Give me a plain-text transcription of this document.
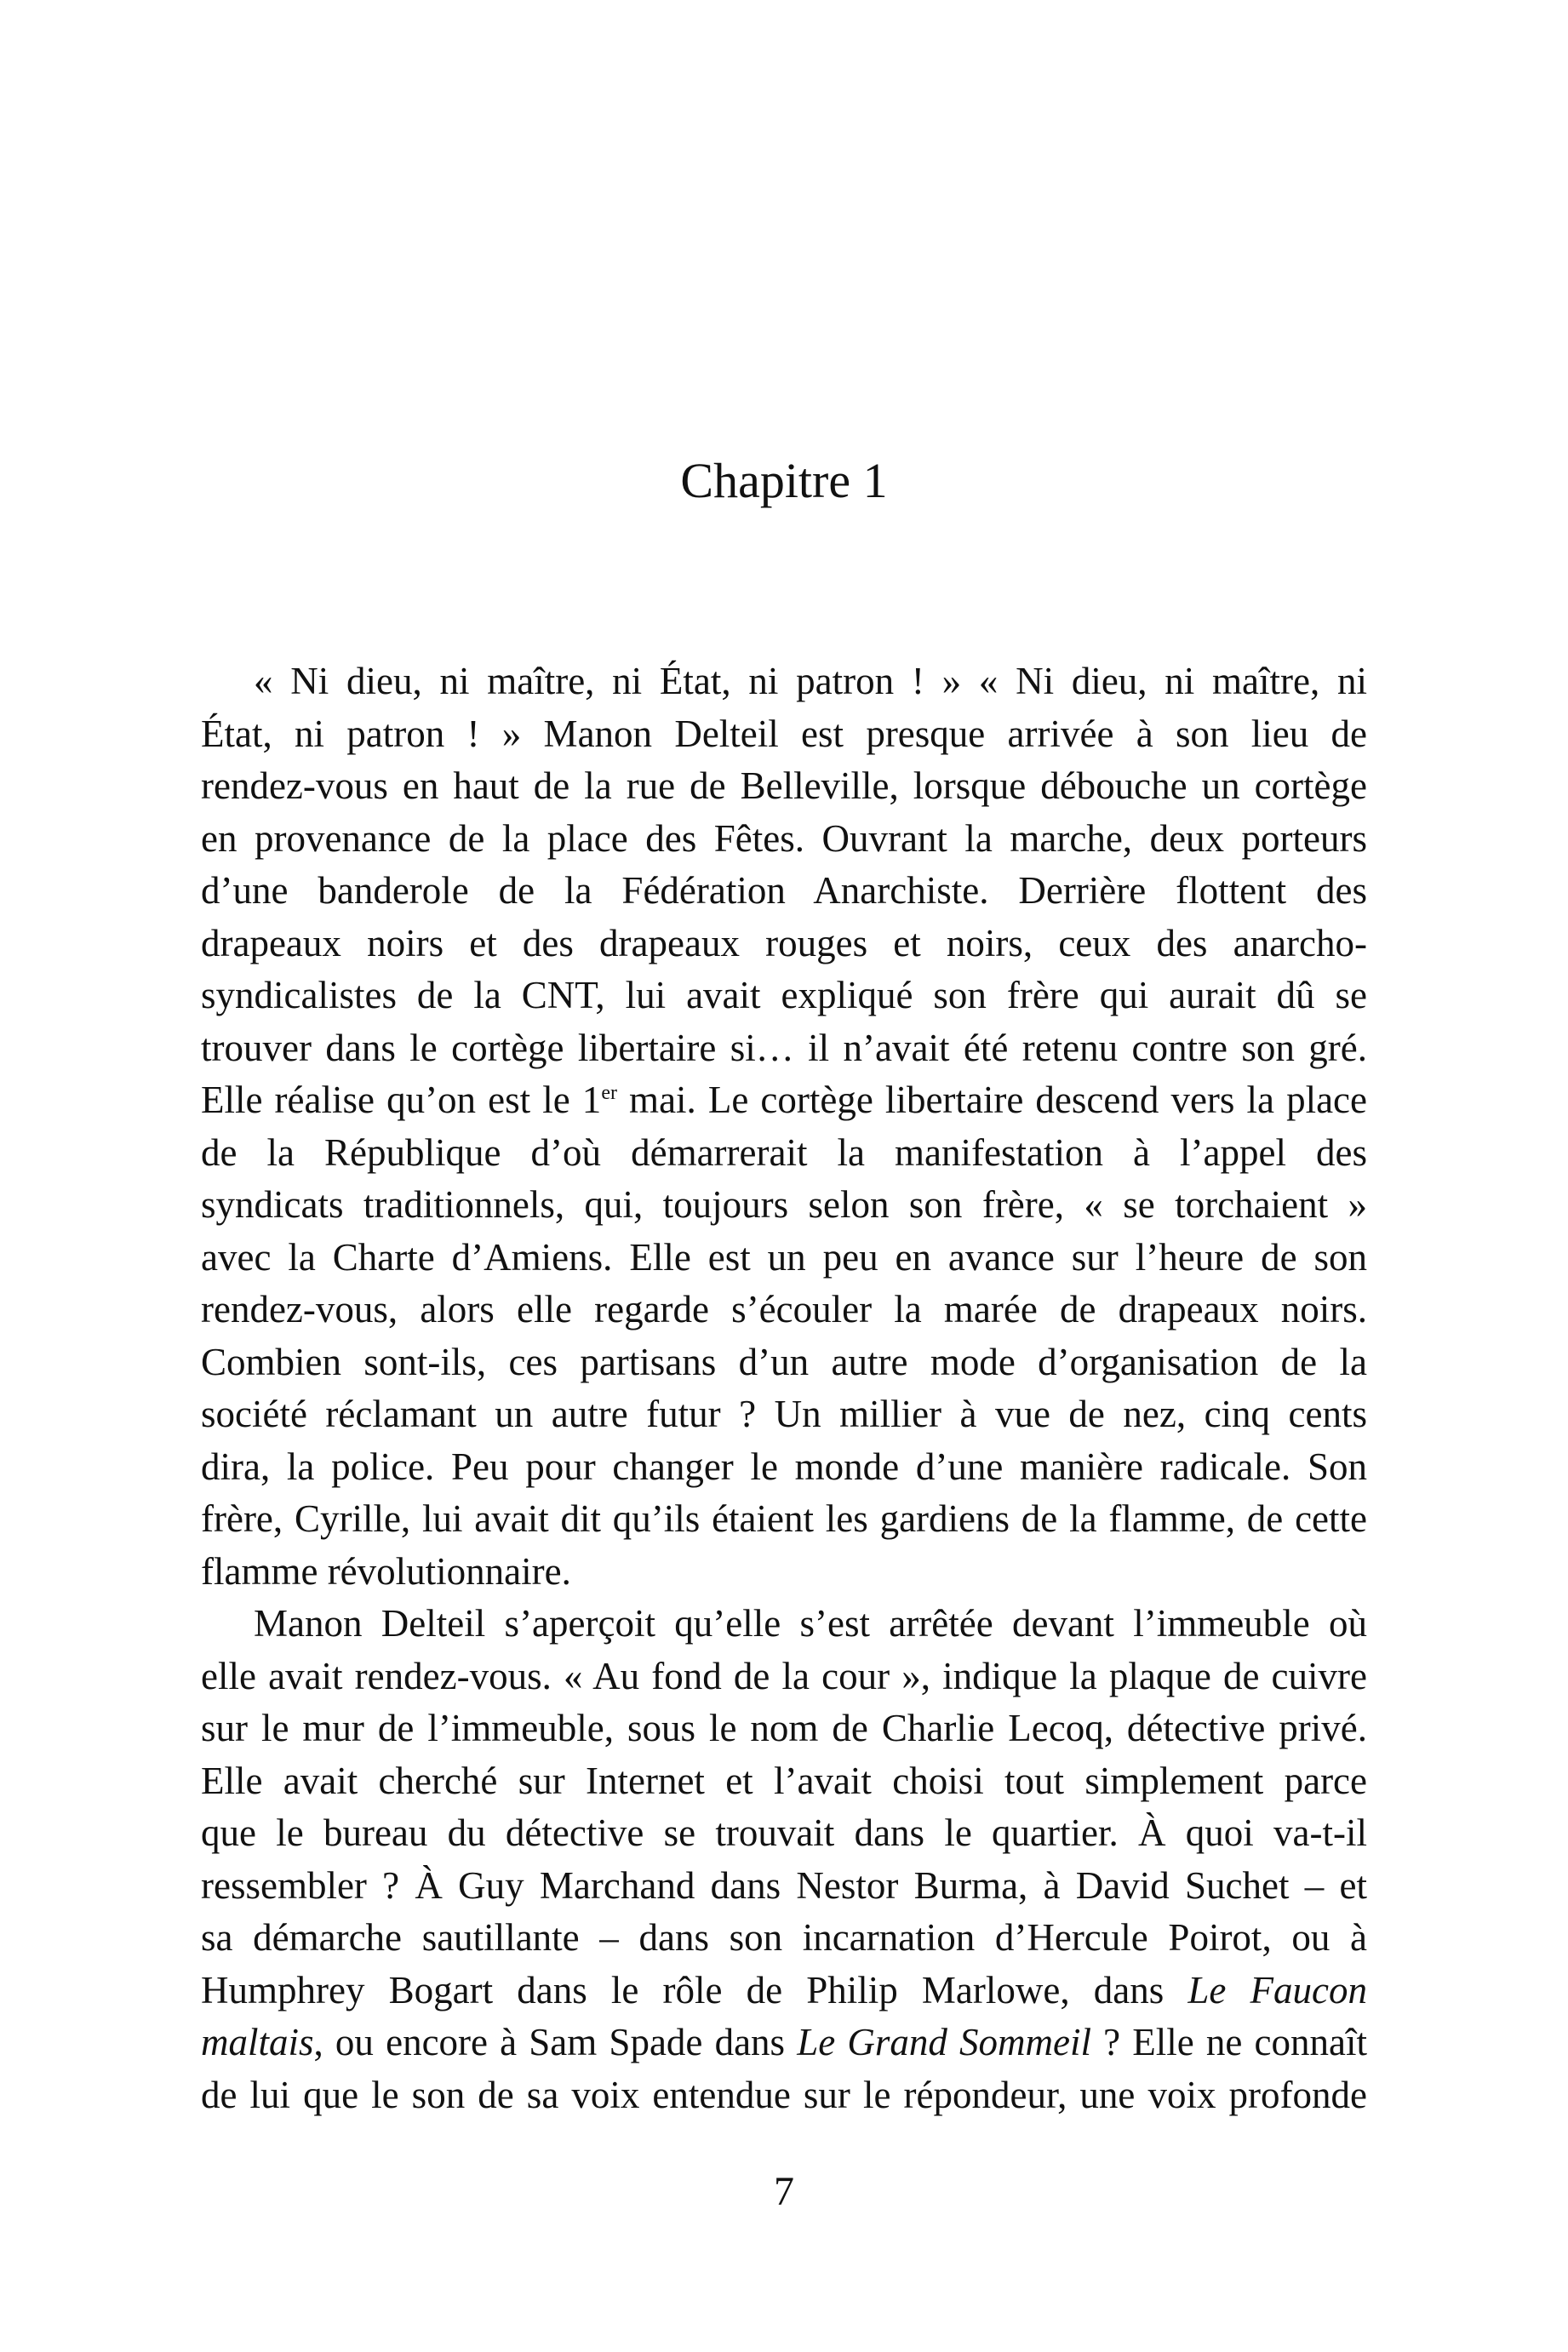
Chapitre 1
« Ni dieu, ni maître, ni État, ni patron ! » « Ni dieu, ni maître, ni
État, ni patron ! » Manon Delteil est presque arrivée à son lieu de
rendez-vous en haut de la rue de Belleville, lorsque débouche un cortège
en provenance de la place des Fêtes. Ouvrant la marche, deux porteurs
d’une banderole de la Fédération Anarchiste. Derrière flottent des
drapeaux noirs et des drapeaux rouges et noirs, ceux des anarcho-
syndicalistes de la CNT, lui avait expliqué son frère qui aurait dû se
trouver dans le cortège libertaire si… il n’avait été retenu contre son gré.
Elle réalise qu’on est le 1er mai. Le cortège libertaire descend vers la place
de la République d’où démarrerait la manifestation à l’appel des
syndicats traditionnels, qui, toujours selon son frère, « se torchaient »
avec la Charte d’Amiens. Elle est un peu en avance sur l’heure de son
rendez-vous, alors elle regarde s’écouler la marée de drapeaux noirs.
Combien sont-ils, ces partisans d’un autre mode d’organisation de la
société réclamant un autre futur ? Un millier à vue de nez, cinq cents
dira, la police. Peu pour changer le monde d’une manière radicale. Son
frère, Cyrille, lui avait dit qu’ils étaient les gardiens de la flamme, de cette
flamme révolutionnaire.
Manon Delteil s’aperçoit qu’elle s’est arrêtée devant l’immeuble où
elle avait rendez-vous. « Au fond de la cour », indique la plaque de cuivre
sur le mur de l’immeuble, sous le nom de Charlie Lecoq, détective privé.
Elle avait cherché sur Internet et l’avait choisi tout simplement parce
que le bureau du détective se trouvait dans le quartier. À quoi va-t-il
ressembler ? À Guy Marchand dans Nestor Burma, à David Suchet – et
sa démarche sautillante – dans son incarnation d’Hercule Poirot, ou à
Humphrey Bogart dans le rôle de Philip Marlowe, dans Le Faucon
maltais, ou encore à Sam Spade dans Le Grand Sommeil ? Elle ne connaît
de lui que le son de sa voix entendue sur le répondeur, une voix profonde
7
